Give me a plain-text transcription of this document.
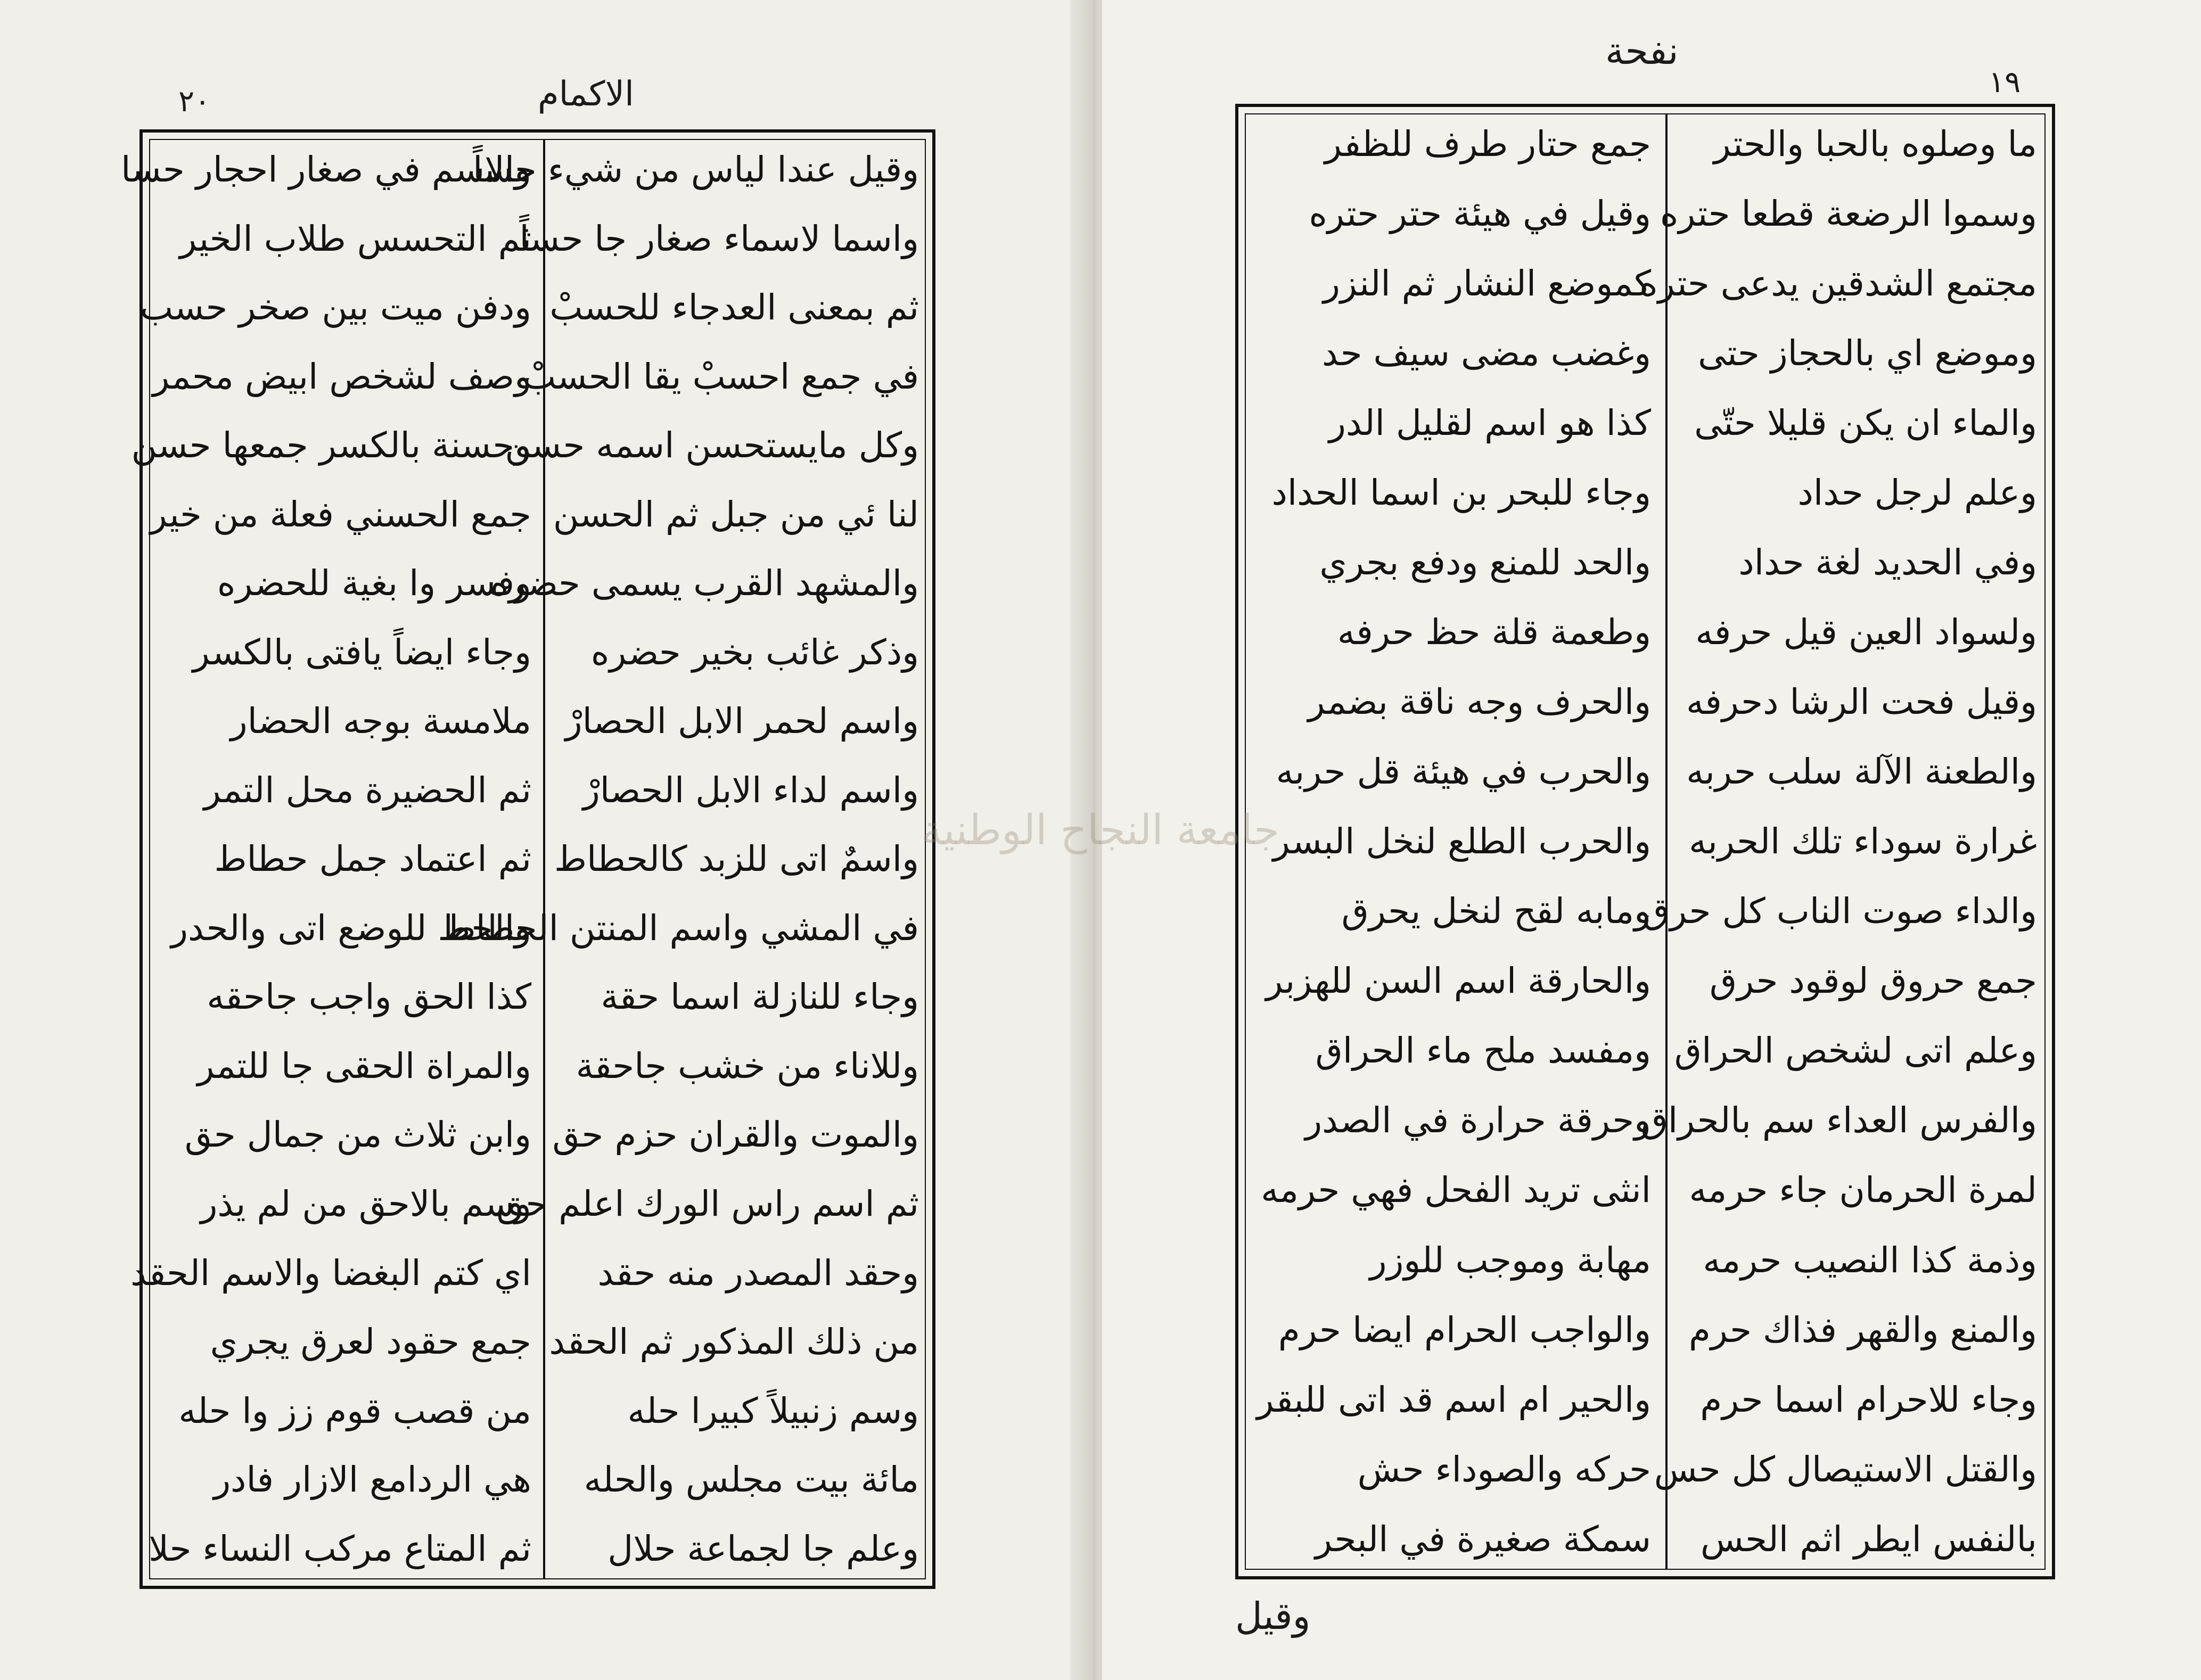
٢٠	الاكمام
وقيل عندا لياس من شيء حساً
واسما لاسماء صغار جا حساً
ثم بمعنى العدجاء للحسبْ
في جمع احسبْ يقا الحسبْ
وكل مايستحسن اسمه حسن
لنا ئي من جبل ثم الحسن
والمشهد القرب يسمى حضره
وذكر غائب بخير حضره
واسم لحمر الابل الحصارْ
واسم لداء الابل الحصارْ
واسمٌ اتى للزبد كالحطاط
في المشي واسم المنتن الحطاط
وجاء للنازلة اسما حقة
وللاناء من خشب جاحقة
والموت والقران حزم حق
ثم اسم راس الورك اعلم حق
وحقد المصدر منه حقد
من ذلك المذكور ثم الحقد
وسم زنبيلاً كبيرا حله
مائة بيت مجلس والحله
وعلم جا لجماعة حلال
والاسم في صغار احجار حسا
ثم التحسس طلاب الخير
ودفن ميت بين صخر حسب
وصف لشخص ابيض محمر
وحسنة بالكسر جمعها حسن
جمع الحسني فعلة من خير
وفسر وا بغية للحضره
وجاء ايضاً يافتى بالكسر
ملامسة بوجه الحضار
ثم الحضيرة محل التمر
ثم اعتماد جمل حطاط
والحط للوضع اتى والحدر
كذا الحق واجب جاحقه
والمراة الحقى جا للتمر
وابن ثلاث من جمال حق
وسم بالاحق من لم يذر
اي كتم البغضا والاسم الحقد
جمع حقود لعرق يجري
من قصب قوم زز وا حله
هي الردامع الازار فادر
ثم المتاع مركب النساء حلا
نفحة
١٩
ما وصلوه بالحبا والحتر
وسموا الرضعة قطعا حتره
مجتمع الشدقين يدعى حتره
وموضع اي بالحجاز حتى
والماء ان يكن قليلا حتّى
وعلم لرجل حداد
وفي الحديد لغة حداد
ولسواد العين قيل حرفه
وقيل فحت الرشا دحرفه
والطعنة الآلة سلب حربه
غرارة سوداء تلك الحربه
والداء صوت الناب كل حرق
جمع حروق لوقود حرق
وعلم اتى لشخص الحراق
والفرس العداء سم بالحراق
لمرة الحرمان جاء حرمه
وذمة كذا النصيب حرمه
والمنع والقهر فذاك حرم
وجاء للاحرام اسما حرم
والقتل الاستيصال كل حس
بالنفس ايطر اثم الحس
جمع حتار طرف للظفر
وقيل في هيئة حتر حتره
كموضع النشار ثم النزر
وغضب مضى سيف حد
كذا هو اسم لقليل الدر
وجاء للبحر بن اسما الحداد
والحد للمنع ودفع بجري
وطعمة قلة حظ حرفه
والحرف وجه ناقة بضمر
والحرب في هيئة قل حربه
والحرب الطلع لنخل البسر
ومابه لقح لنخل يحرق
والحارقة اسم السن للهزبر
ومفسد ملح ماء الحراق
وحرقة حرارة في الصدر
انثى تريد الفحل فهي حرمه
مهابة وموجب للوزر
والواجب الحرام ايضا حرم
والحير ام اسم قد اتى للبقر
حركه والصوداء حش
سمكة صغيرة في البحر
وقيل
جامعة النجاح الوطنية
